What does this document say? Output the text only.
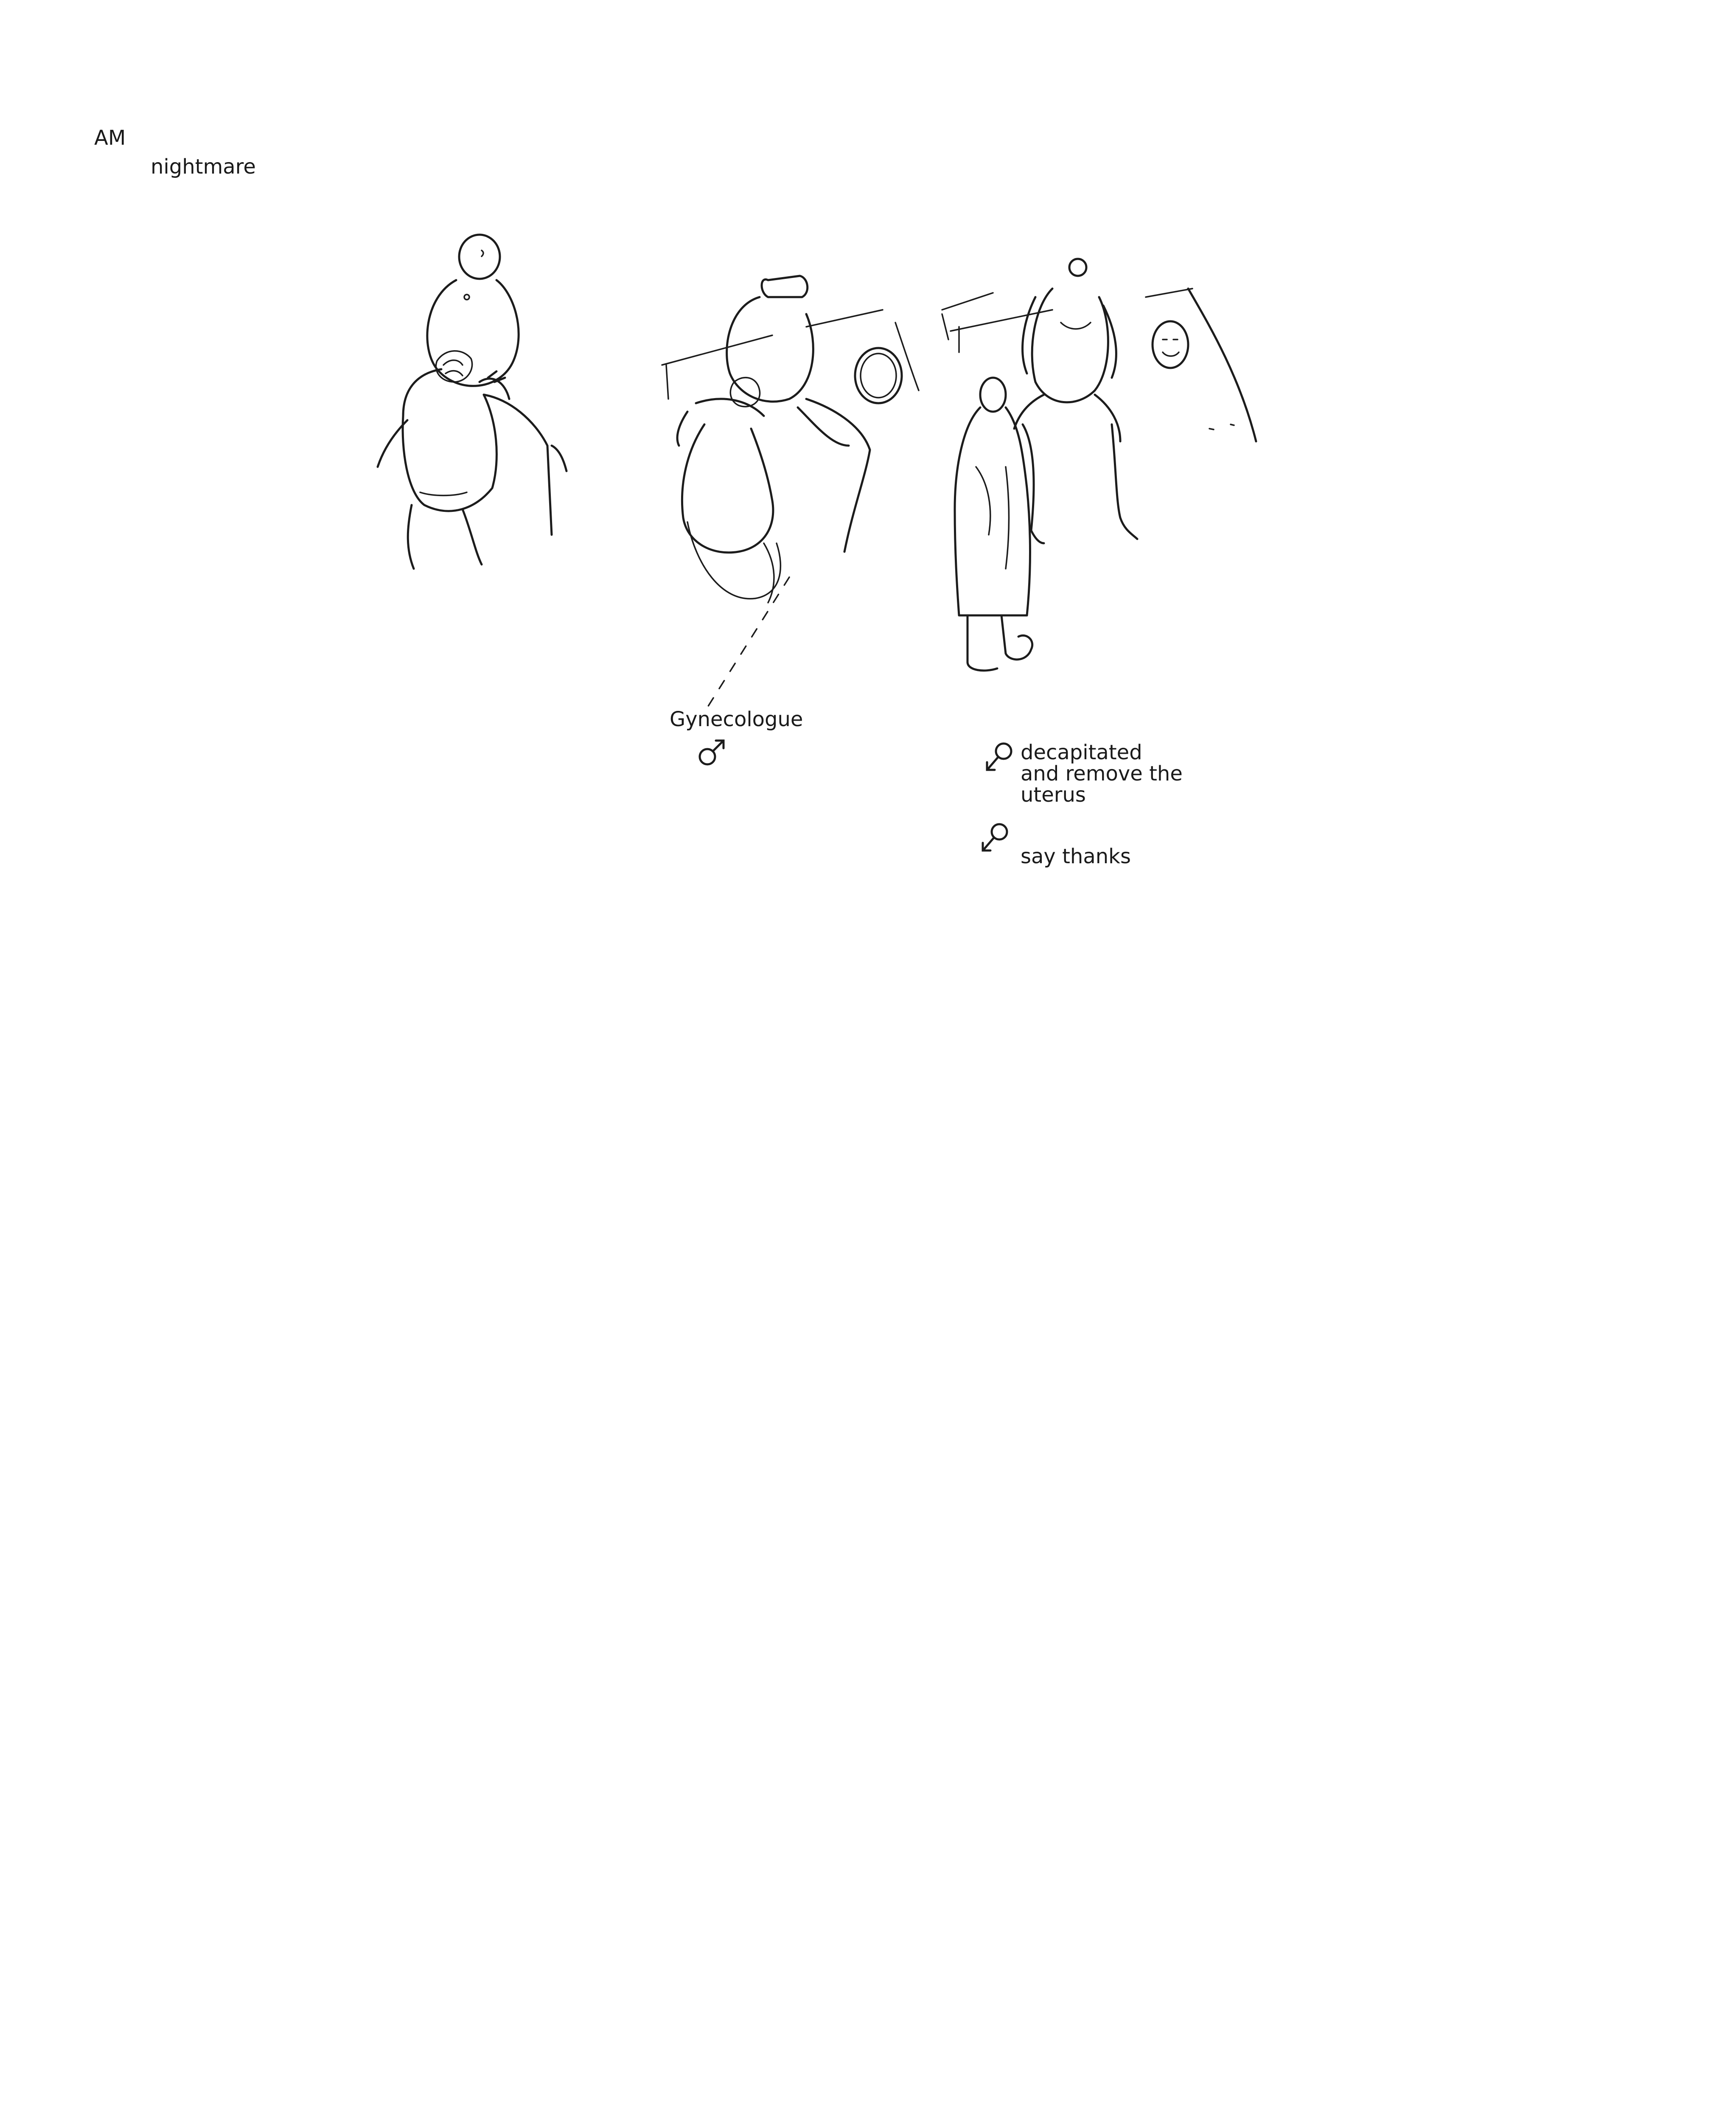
AM

nightmare

Gynecologue

decapitated
and remove the
uterus

say thanks
